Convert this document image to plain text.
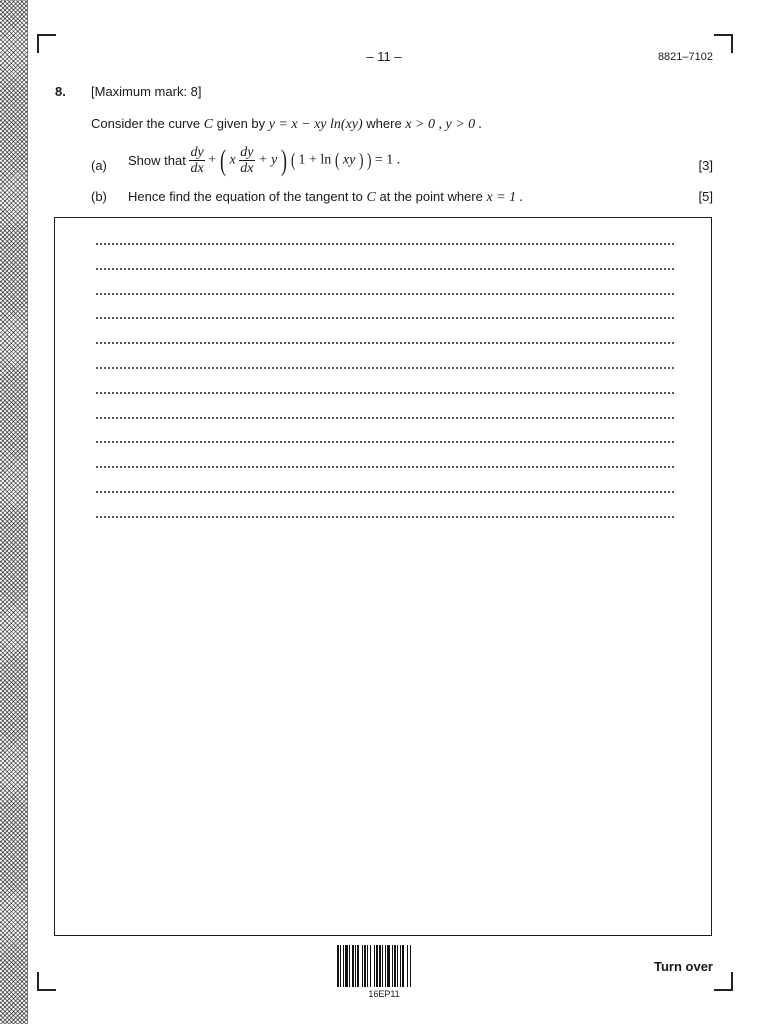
– 11 –	8821–7102
8. [Maximum mark: 8]
Consider the curve C given by y = x − xy ln(xy) where x > 0 , y > 0 .
(a) Show that $\frac{dy}{dx}$ + ( x $\frac{dy}{dx} + y$ ) ( 1 + ln ( xy ) ) = 1 .	[3]
(b) Hence find the equation of the tangent to C at the point where x = 1 .	[5]
16EP11
Turn over
